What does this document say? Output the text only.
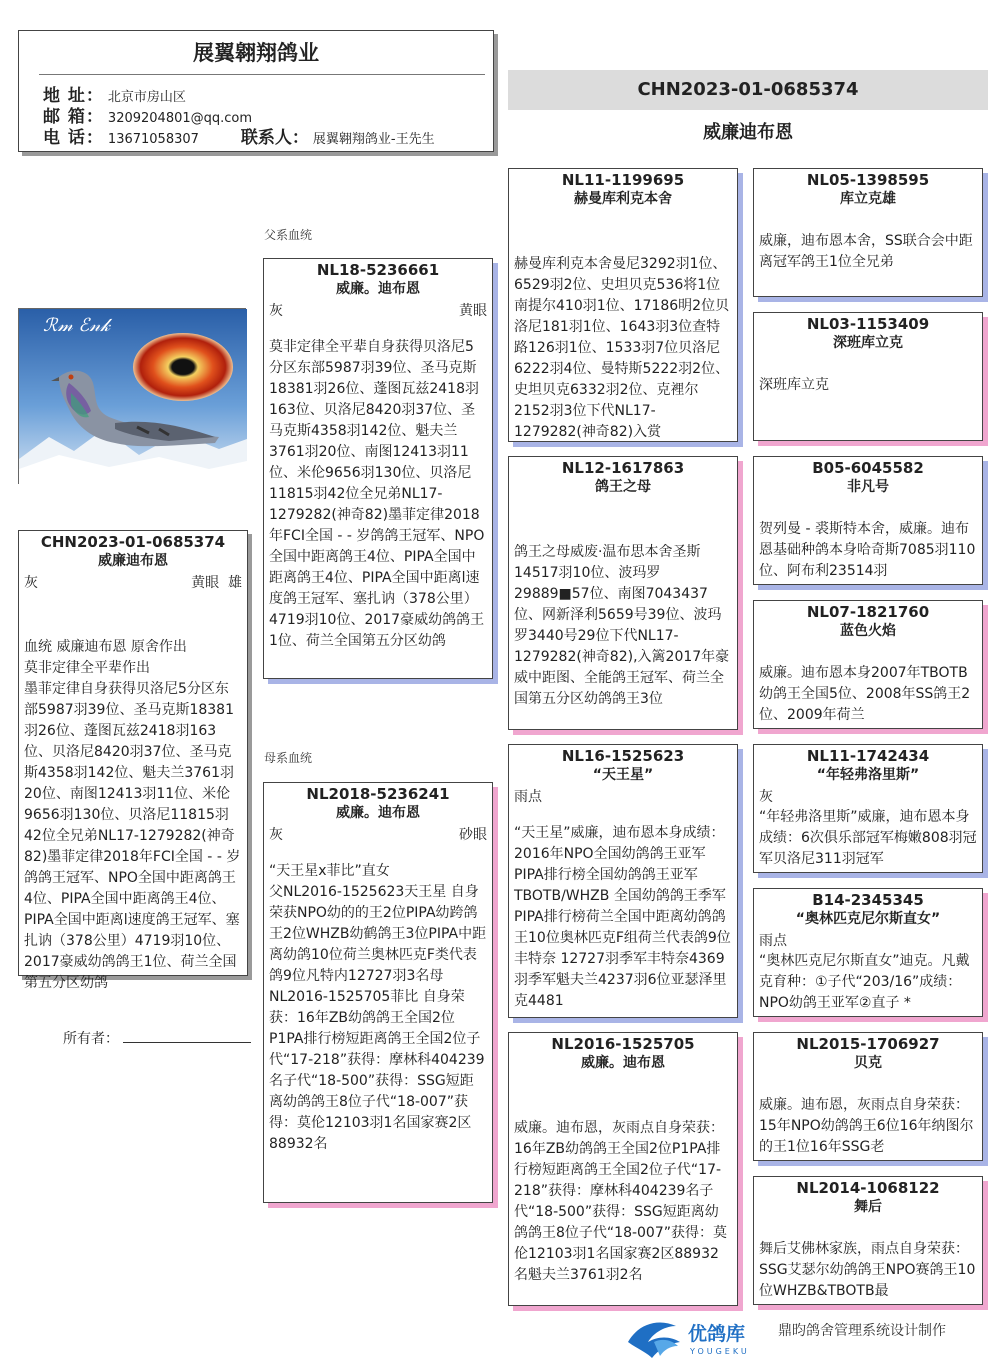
展翼翱翔鸽业
地 址： 北京市房山区
邮 箱： 3209204801@qq.com
电 话： 13671058307 联系人： 展翼翱翔鸽业-王先生
CHN2023-01-0685374
威廉迪布恩
ℛ𝓂 ℰ𝓃𝓀
CHN2023-01-0685374
威廉迪布恩
灰	黄眼 雄
血统 威廉迪布恩 原舍作出
莫非定律全平辈作出
墨菲定律自身获得贝洛尼5分区东部5987羽39位、圣马克斯18381羽26位、蓬图瓦兹2418羽163位、贝洛尼8420羽37位、圣马克斯4358羽142位、魁夫兰3761羽20位、南图12413羽11位、米伦9656羽130位、贝洛尼11815羽42位全兄弟NL17-1279282(神奇82)墨菲定律2018年FCI全国 - - 岁鸽鸽王冠军、NPO全国中距离鸽王4位、PIPA全国中距离鸽王4位、PIPA全国中距离l速度鸽王冠军、塞扎讷（378公里）4719羽10位、2017豪威幼鸽鸽王1位、荷兰全国第五分区幼鸽
所有者：
父系血统
母系血统
NL18-5236661
威廉。迪布恩
灰	黄眼
莫非定律全平辈自身获得贝洛尼5分区东部5987羽39位、圣马克斯18381羽26位、蓬图瓦兹2418羽163位、贝洛尼8420羽37位、圣马克斯4358羽142位、魁夫兰3761羽20位、南图12413羽11位、米伦9656羽130位、贝洛尼11815羽42位全兄弟NL17-1279282(神奇82)墨菲定律2018年FCI全国 - - 岁鸽鸽王冠军、NPO全国中距离鸽王4位、PIPA全国中距离鸽王4位、PIPA全国中距离l速度鸽王冠军、塞扎讷（378公里）4719羽10位、2017豪威幼鸽鸽王1位、荷兰全国第五分区幼鸽
NL2018-5236241
威廉。迪布恩
灰	砂眼
“天王星x菲比”直女
父NL2016-1525623天王星 自身荣获NPO幼的的王2位PIPA幼跨鸽王2位WHZB幼鹤鸽王3位PIPA中距离幼鸽10位荷兰奥林匹克F类代表鸽9位凡特内12727羽3名母NL2016-1525705菲比 自身荣获：16年ZB幼鸽鸽王全国2位P1PA排行榜短距离鸽王全国2位子代“17-218”获得：摩林科404239名子代“18-500”获得：SSG短距离幼鸽鸽王8位子代“18-007”获得：莫伦12103羽1名国家赛2区88932名
NL11-1199695
赫曼库利克本舍
赫曼库利克本舍曼尼3292羽1位、6529羽2位、史坦贝克536将1位南提尔410羽1位、17186明2位贝洛尼181羽1位、1643羽3位查特路126羽1位、1533羽7位贝洛尼 6222羽4位、曼特斯5222羽2位、史坦贝克6332羽2位、克裡尔2152羽3位下代NL17-1279282(神奇82)入赏
NL12-1617863
鸽王之母
鸽王之母威废·温布思本舍圣斯14517羽10位、波玛罗29889■57位、南图7043437位、网新泽利5659号39位、波玛罗3440号29位下代NL17-1279282(神奇82),入篱2017年豪威中距图、全能鸽王冠军、荷兰全国第五分区幼鸽鸽王3位
NL16-1525623
“天王星”
雨点
“天王星”威廉，迪布恩本身成绩：2016年NPO全国幼鸽鸽王亚军PIPA排行榜全国幼鸽鸽王亚军TBOTB/WHZB 全国幼鸽鸽王季军PIPA排行榜荷兰全国中距离幼鸽鸽王10位奥林匹克F组荷兰代表鸽9位丰特奈 12727羽季军丰特奈4369羽季军魁夫兰4237羽6位亚瑟泽里克4481
NL2016-1525705
威廉。迪布恩
威廉。迪布恩，灰雨点自身荣获：16年ZB幼鸽鸽王全国2位P1PA排行榜短距离鸽王全国2位子代“17-218”获得：摩林科404239名子代“18-500”获得：SSG短距离幼鸽鸽王8位子代“18-007”获得：莫伦12103羽1名国家赛2区88932名魁夫兰3761羽2名
NL05-1398595
库立克雄
威廉，迪布恩本舍，SS联合会中距离冠军鸽王1位全兄弟
NL03-1153409
深班库立克
深班库立克
B05-6045582
非凡号
贺列曼 - 裘斯特本舍，威廉。迪布恩基础种鸽本身哈奇斯7085羽110位、阿布利23514羽
NL07-1821760
蓝色火焰
威廉。迪布恩本身2007年TBOTB幼鸽王全国5位、2008年SS鸽王2位、2009年荷兰
NL11-1742434
“年轻弗洛里斯”
灰
“年轻弗洛里斯”威廉，迪布恩本身成绩：6次俱乐部冠军梅嫩808羽冠军贝洛尼311羽冠军
B14-2345345
“奥林匹克尼尔斯直女”
雨点
“奥林匹克尼尔斯直女”迪克。凡戴克育种：①子代“203/16”成绩：NPO幼鸽王亚军②直子 *
NL2015-1706927
贝克
威廉。迪布恩，灰雨点自身荣获：15年NPO幼鸽鸽王6位16年纳图尔的王1位16年SSG老
NL2014-1068122
舞后
舞后艾佛林家族，雨点自身荣获：SSG艾瑟尔幼鸽鸽王NPO赛鸽王10位WHZB&TBOTB最
优鸽库
YOUGEKU
鼎昀鸽舍管理系统设计制作
